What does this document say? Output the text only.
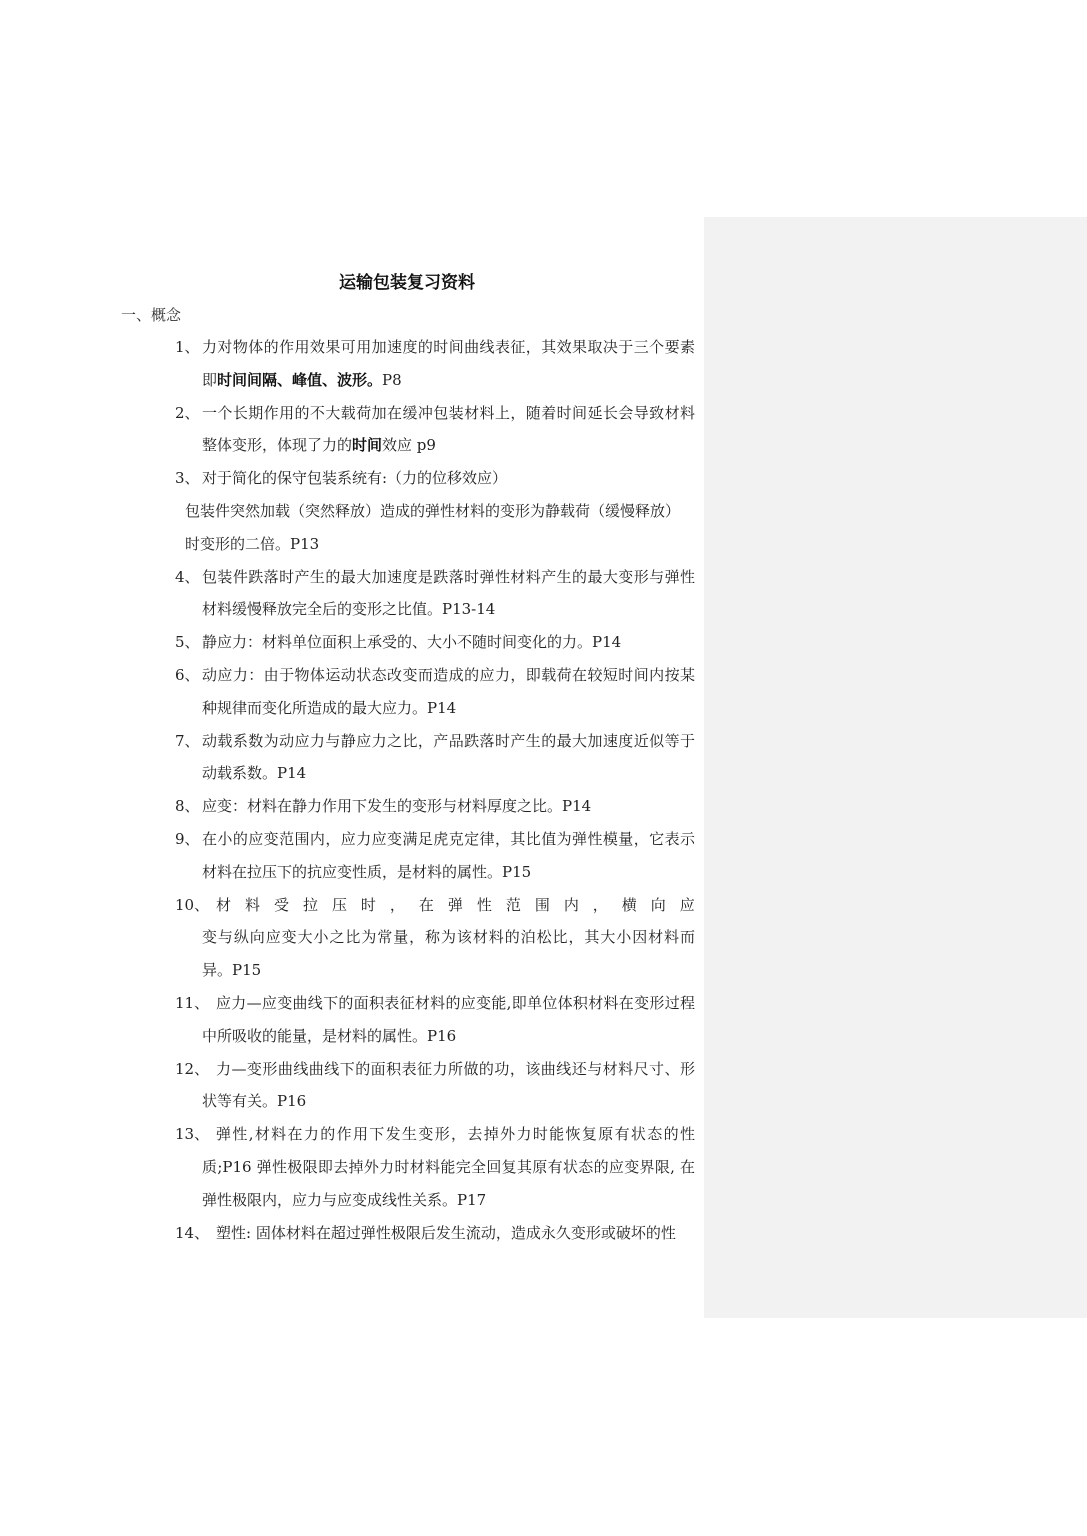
运输包装复习资料
一、概念
1、 力对物体的作用效果可用加速度的时间曲线表征，其效果取决于三个要素即时间间隔、峰值、波形。P8

2、 一个长期作用的不大载荷加在缓冲包装材料上，随着时间延长会导致材料整体变形，体现了力的时间效应 p9

3、 对于简化的保守包装系统有:（力的位移效应）

包装件突然加载（突然释放）造成的弹性材料的变形为静载荷（缓慢释放）
时变形的二倍。P13
4、 包装件跌落时产生的最大加速度是跌落时弹性材料产生的最大变形与弹性材料缓慢释放完全后的变形之比值。P13-14

5、 静应力：材料单位面积上承受的、大小不随时间变化的力。P14

6、 动应力：由于物体运动状态改变而造成的应力，即载荷在较短时间内按某种规律而变化所造成的最大应力。P14

7、 动载系数为动应力与静应力之比，产品跌落时产生的最大加速度近似等于动载系数。P14

8、 应变：材料在静力作用下发生的变形与材料厚度之比。P14

9、 在小的应变范围内，应力应变满足虎克定律，其比值为弹性模量，它表示材料在拉压下的抗应变性质，是材料的属性。P15

10、 材 料 受 拉 压 时 ， 在 弹 性 范 围 内 ， 横 向 应

变与纵向应变大小之比为常量，称为该材料的泊松比，其大小因材料而异。P15

11、 应力—应变曲线下的面积表征材料的应变能,即单位体积材料在变形过程中所吸收的能量，是材料的属性。P16

12、 力—变形曲线曲线下的面积表征力所做的功，该曲线还与材料尺寸、形状等有关。P16

13、 弹性,材料在力的作用下发生变形，去掉外力时能恢复原有状态的性质;P16 弹性极限即去掉外力时材料能完全回复其原有状态的应变界限, 在弹性极限内，应力与应变成线性关系。P17

14、 塑性: 固体材料在超过弹性极限后发生流动，造成永久变形或破坏的性
